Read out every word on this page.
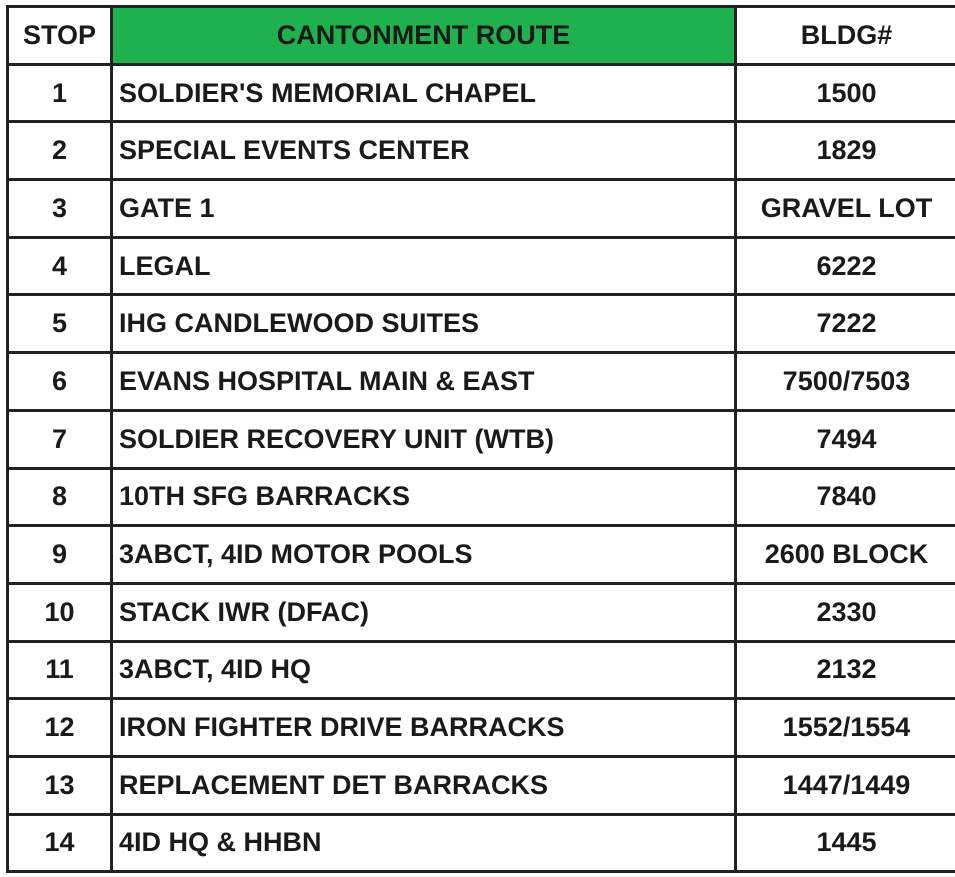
STOP	CANTONMENT ROUTE	BLDG#
1	SOLDIER'S MEMORIAL CHAPEL	1500
2	SPECIAL EVENTS CENTER	1829
3	GATE 1	GRAVEL LOT
4	LEGAL	6222
5	IHG CANDLEWOOD SUITES	7222
6	EVANS HOSPITAL MAIN & EAST	7500/7503
7	SOLDIER RECOVERY UNIT (WTB)	7494
8	10TH SFG BARRACKS	7840
9	3ABCT, 4ID MOTOR POOLS	2600 BLOCK
10	STACK IWR (DFAC)	2330
11	3ABCT, 4ID HQ	2132
12	IRON FIGHTER DRIVE BARRACKS	1552/1554
13	REPLACEMENT DET BARRACKS	1447/1449
14	4ID HQ & HHBN	1445
